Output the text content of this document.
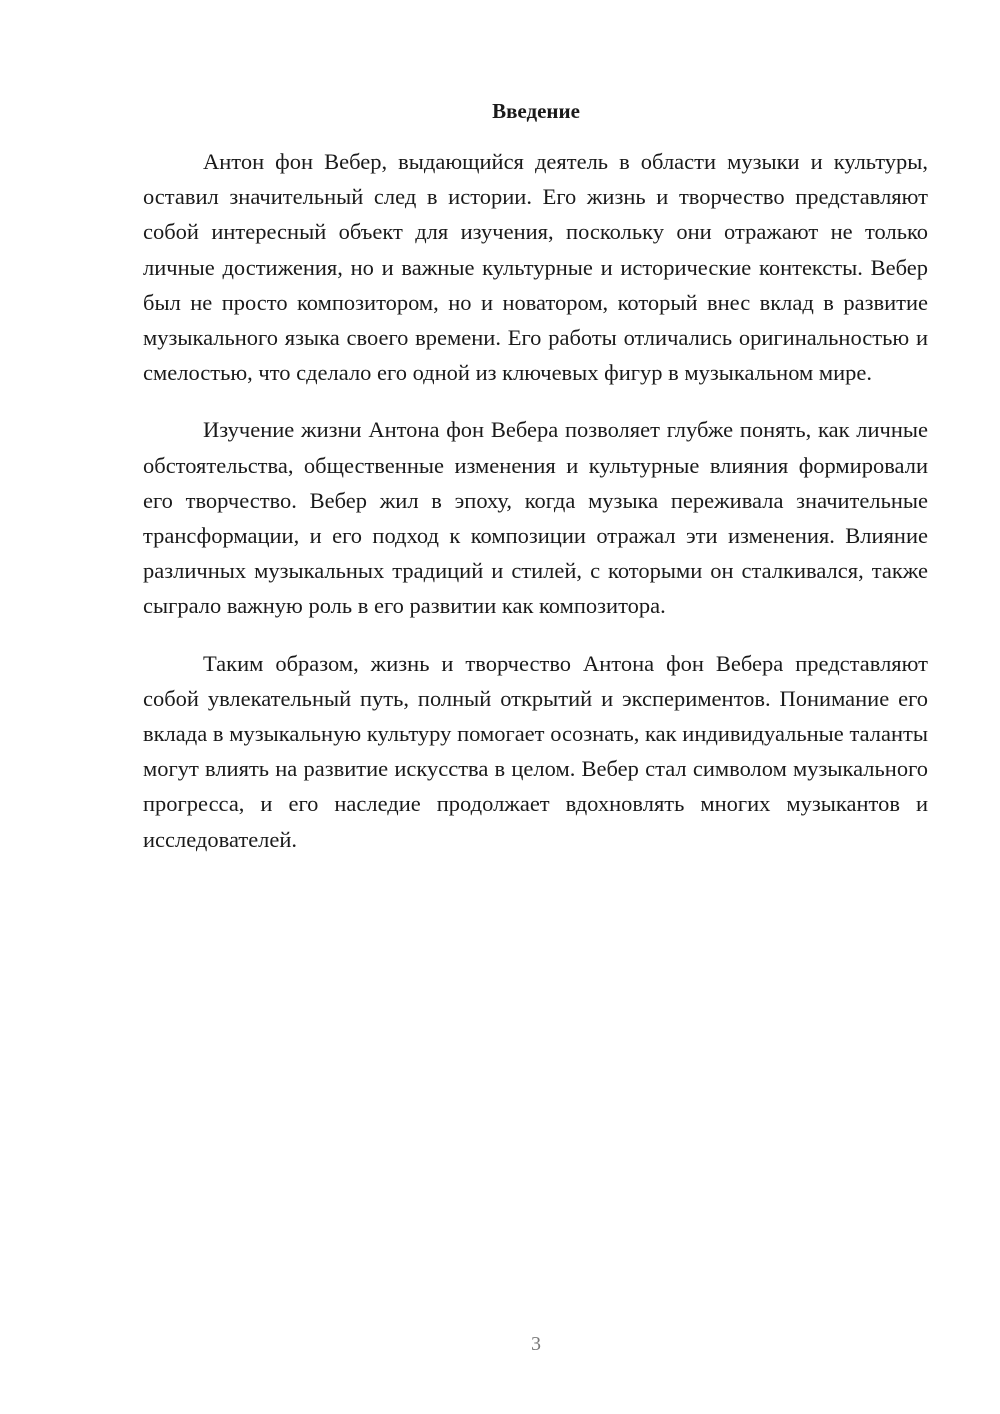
Введение

Антон фон Вебер, выдающийся деятель в области музыки и культуры, оставил значительный след в истории. Его жизнь и творчество представляют собой интересный объект для изучения, поскольку они отражают не только личные достижения, но и важные культурные и исторические контексты. Вебер был не просто композитором, но и новатором, который внес вклад в развитие музыкального языка своего времени. Его работы отличались оригинальностью и смелостью, что сделало его одной из ключевых фигур в музыкальном мире.

Изучение жизни Антона фон Вебера позволяет глубже понять, как личные обстоятельства, общественные изменения и культурные влияния формировали его творчество. Вебер жил в эпоху, когда музыка переживала значительные трансформации, и его подход к композиции отражал эти изменения. Влияние различных музыкальных традиций и стилей, с которыми он сталкивался, также сыграло важную роль в его развитии как композитора.

Таким образом, жизнь и творчество Антона фон Вебера представляют собой увлекательный путь, полный открытий и экспериментов. Понимание его вклада в музыкальную культуру помогает осознать, как индивидуальные таланты могут влиять на развитие искусства в целом. Вебер стал символом музыкального прогресса, и его наследие продолжает вдохновлять многих музыкантов и исследователей.

3
